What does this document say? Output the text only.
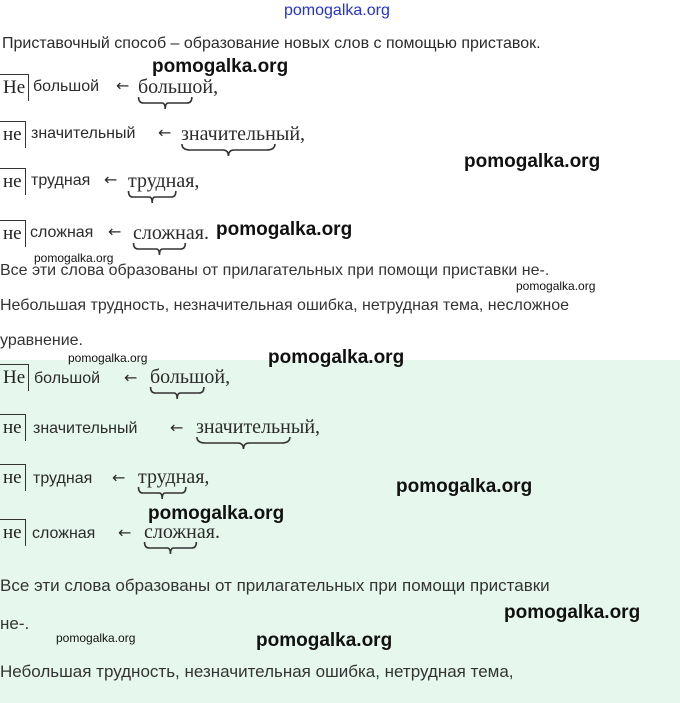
pomogalka.org
Приставочный способ – образование новых слов с помощью приставок.
Не большой ← больш
ой,
не значительный ← значительн
ый,
не трудная ← трудн
ая,
не сложная ← сложн
ая.
Все эти слова образованы от прилагательных при помощи приставки не-.
Небольшая трудность, незначительная ошибка, нетрудная тема, несложное
уравнение.
Не большой ← больш
ой,
не значительный ← значительн
ый,
не трудная ← трудн
ая,
не сложная ← сложн
ая.
Все эти слова образованы от прилагательных при помощи приставки
не-.
Небольшая трудность, незначительная ошибка, нетрудная тема,
pomogalka.org
pomogalka.org
pomogalka.org
pomogalka.org
pomogalka.org
pomogalka.org	pomogalka.org
pomogalka.org
pomogalka.org
pomogalka.org
pomogalka.org	pomogalka.org
